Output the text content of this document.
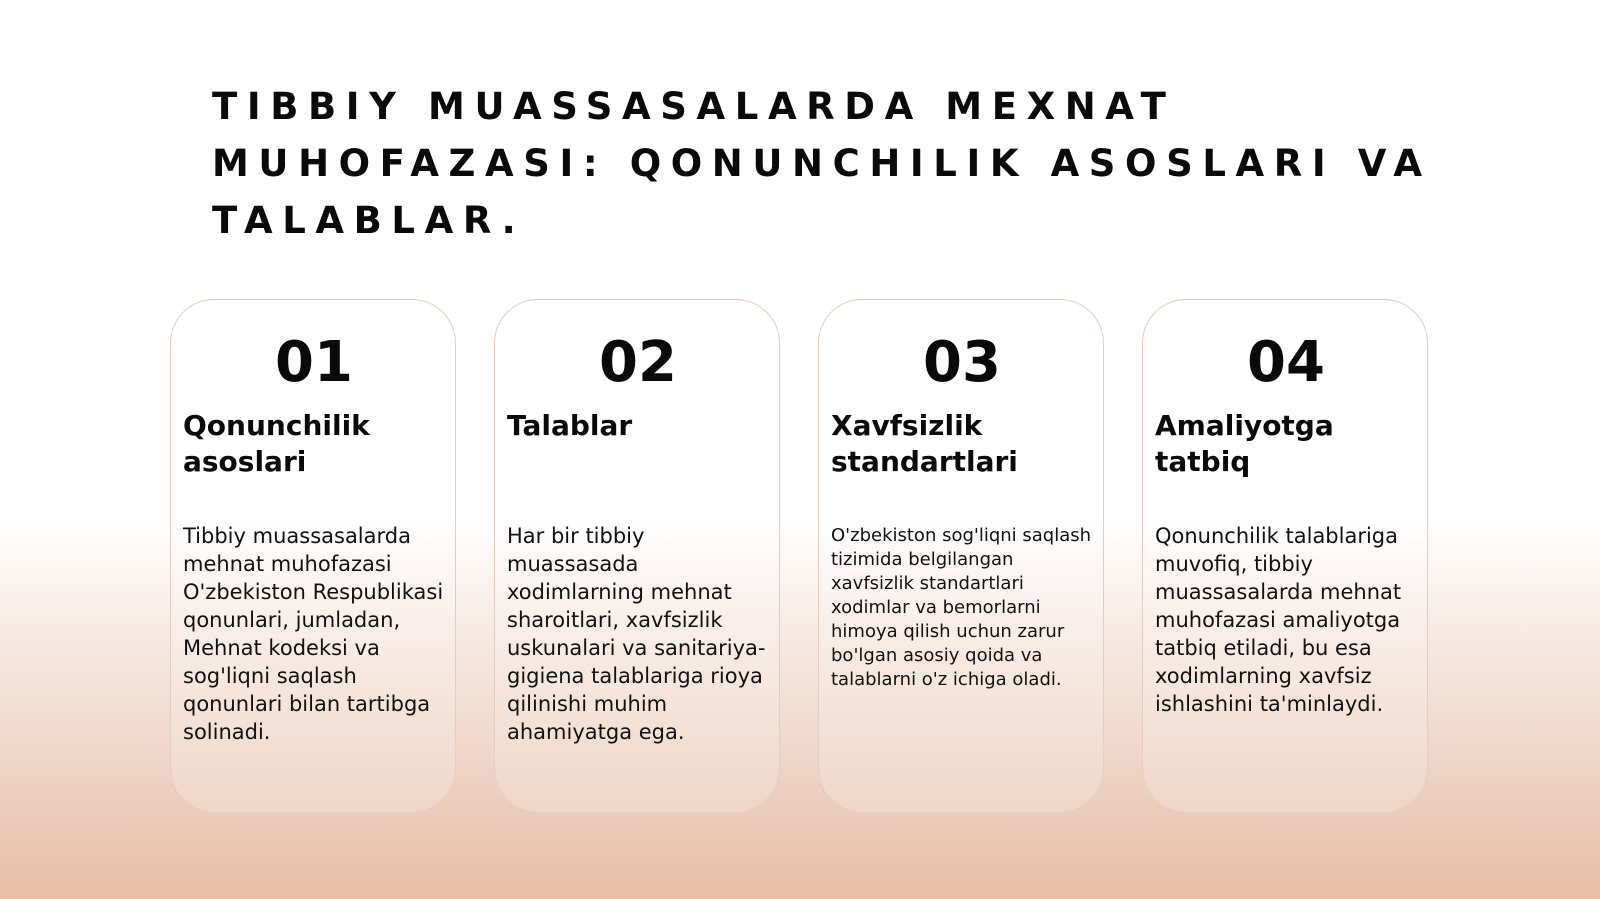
TIBBIY MUASSASALARDA MEXNAT MUHOFAZASI: QONUNCHILIK ASOSLARI VA TALABLAR.
01
Qonunchilik asoslari
Tibbiy muassasalarda mehnat muhofazasi O'zbekiston Respublikasi qonunlari, jumladan, Mehnat kodeksi va sog'liqni saqlash qonunlari bilan tartibga solinadi.
02
Talablar
Har bir tibbiy muassasada xodimlarning mehnat sharoitlari, xavfsizlik uskunalari va sanitariya-gigiena talablariga rioya qilinishi muhim ahamiyatga ega.
03
Xavfsizlik standartlari
O'zbekiston sog'liqni saqlash tizimida belgilangan xavfsizlik standartlari xodimlar va bemorlarni himoya qilish uchun zarur bo'lgan asosiy qoida va talablarni o'z ichiga oladi.
04
Amaliyotga tatbiq
Qonunchilik talablariga muvofiq, tibbiy muassasalarda mehnat muhofazasi amaliyotga tatbiq etiladi, bu esa xodimlarning xavfsiz ishlashini ta'minlaydi.
